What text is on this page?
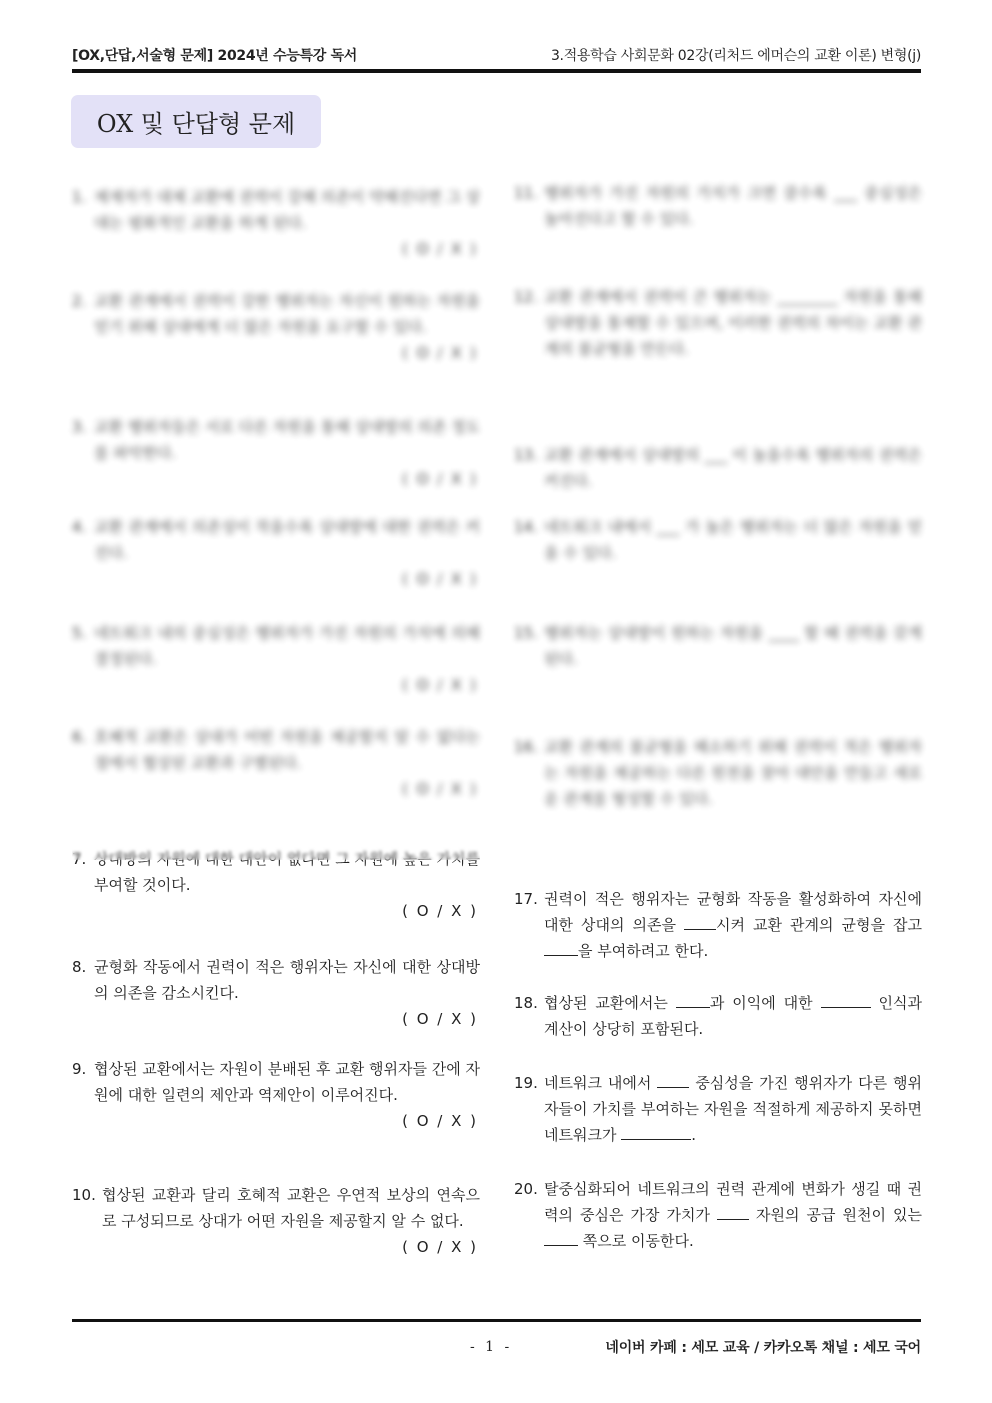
[OX,단답,서술형 문제] 2024년 수능특강 독서	3.적용학습 사회문화 02강(리처드 에머슨의 교환 이론) 변형(j)
OX 및 단답형 문제
1. 제재자가 대체 교환에 권력이 강해 의존이 약해진다면 그 상대는 평화적인 교환을 하게 된다.
( O / X )
2. 교환 관계에서 권력이 강한 행위자는 자신이 원하는 자원을 얻기 위해 상대에게 더 많은 자원을 요구할 수 있다.
( O / X )
3. 교환 행위자들은 서로 다른 자원을 통해 상대방의 의존 정도를 파악한다.
( O / X )
4. 교환 관계에서 의존성이 작을수록 상대방에 대한 권력은 커진다.
( O / X )
5. 네트워크 내의 중심성은 행위자가 가진 자원의 가치에 의해 결정된다.
( O / X )
6. 호혜적 교환은 상대가 어떤 자원을 제공할지 알 수 없다는 점에서 협상된 교환과 구별된다.
( O / X )
7. 상대방의 자원에 대한 대안이 없다면 그 자원에 높은 가치를 부여할 것이다.
( O / X )
8. 균형화 작동에서 권력이 적은 행위자는 자신에 대한 상대방의 의존을 감소시킨다.
( O / X )
9. 협상된 교환에서는 자원이 분배된 후 교환 행위자들 간에 자원에 대한 일련의 제안과 역제안이 이루어진다.
( O / X )
10. 협상된 교환과 달리 호혜적 교환은 우연적 보상의 연속으로 구성되므로 상대가 어떤 자원을 제공할지 알 수 없다.
( O / X )
11. 행위자가 가진 자원의 가치가 크면 클수록 ___ 중심성은 높아진다고 할 수 있다.
12. 교환 관계에서 권력이 큰 행위자는 ________ 자원을 통해 상대방을 통제할 수 있으며, 이러한 권력의 차이는 교환 관계의 불균형을 만든다.
13. 교환 관계에서 상대방의 ___ 이 높을수록 행위자의 권력은 커진다.
14. 네트워크 내에서 ___ 가 높은 행위자는 더 많은 자원을 얻을 수 있다.
15. 행위자는 상대방이 원하는 자원을 ____ 할 때 권력을 갖게 된다.
16. 교환 관계의 불균형을 해소하기 위해 권력이 적은 행위자는 자원을 제공하는 다른 원천을 찾아 대안을 만들고 새로운 관계를 형성할 수 있다.
17. 권력이 적은 행위자는 균형화 작동을 활성화하여 자신에 대한 상대의 의존을 시켜 교환 관계의 균형을 잡고 을 부여하려고 한다.
18. 협상된 교환에서는 과 이익에 대한	인식과 계산이 상당히 포함된다.
19. 네트워크 내에서  중심성을 가진 행위자가 다른 행위자들이 가치를 부여하는 자원을 적절하게 제공하지 못하면 네트워크가	.
20. 탈중심화되어 네트워크의 권력 관계에 변화가 생길 때 권력의 중심은 가장 가치가  자원의 공급 원천이 있는  쪽으로 이동한다.
- 1 -	네이버 카페 : 세모 교육 / 카카오톡 채널 : 세모 국어
